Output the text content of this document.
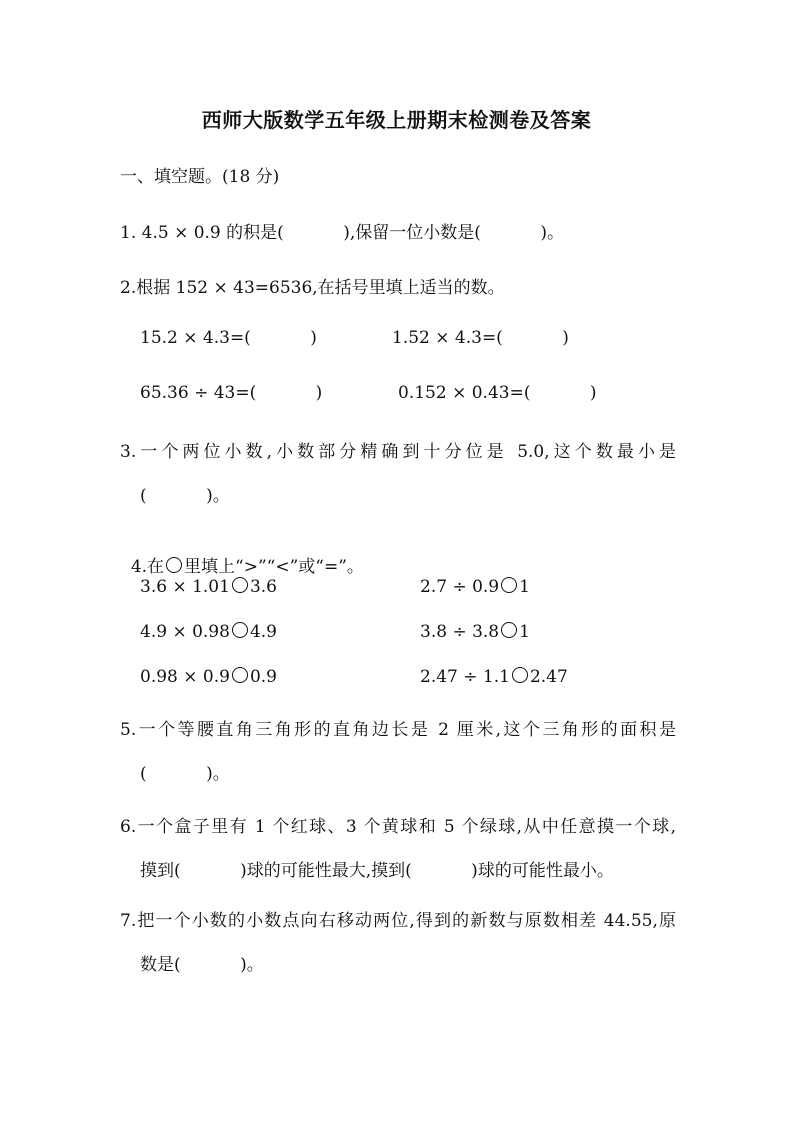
西师大版数学五年级上册期末检测卷及答案
一、填空题。(18 分)
1. 4.5 × 0.9 的积是(           ),保留一位小数是(           )。
2.根据 152 × 43=6536,在括号里填上适当的数。
15.2 × 4.3=(           )	1.52 × 4.3=(           )
65.36 ÷ 43=(           )	0.152 × 0.43=(           )
3.一个两位小数,小数部分精确到十分位是 5.0,这个数最小是
(           )。

4.在 里填上“>”“<”或“=”。

3.6 × 1.01 3.6	2.7 ÷ 0.9 1
4.9 × 0.98 4.9	3.8 ÷ 3.8 1
0.98 × 0.9 0.9	2.47 ÷ 1.1 2.47
5.一个等腰直角三角形的直角边长是 2 厘米,这个三角形的面积是
(           )。
6.一个盒子里有 1 个红球、3 个黄球和 5 个绿球,从中任意摸一个球,
摸到(           )球的可能性最大,摸到(           )球的可能性最小。
7.把一个小数的小数点向右移动两位,得到的新数与原数相差 44.55,原
数是(           )。
